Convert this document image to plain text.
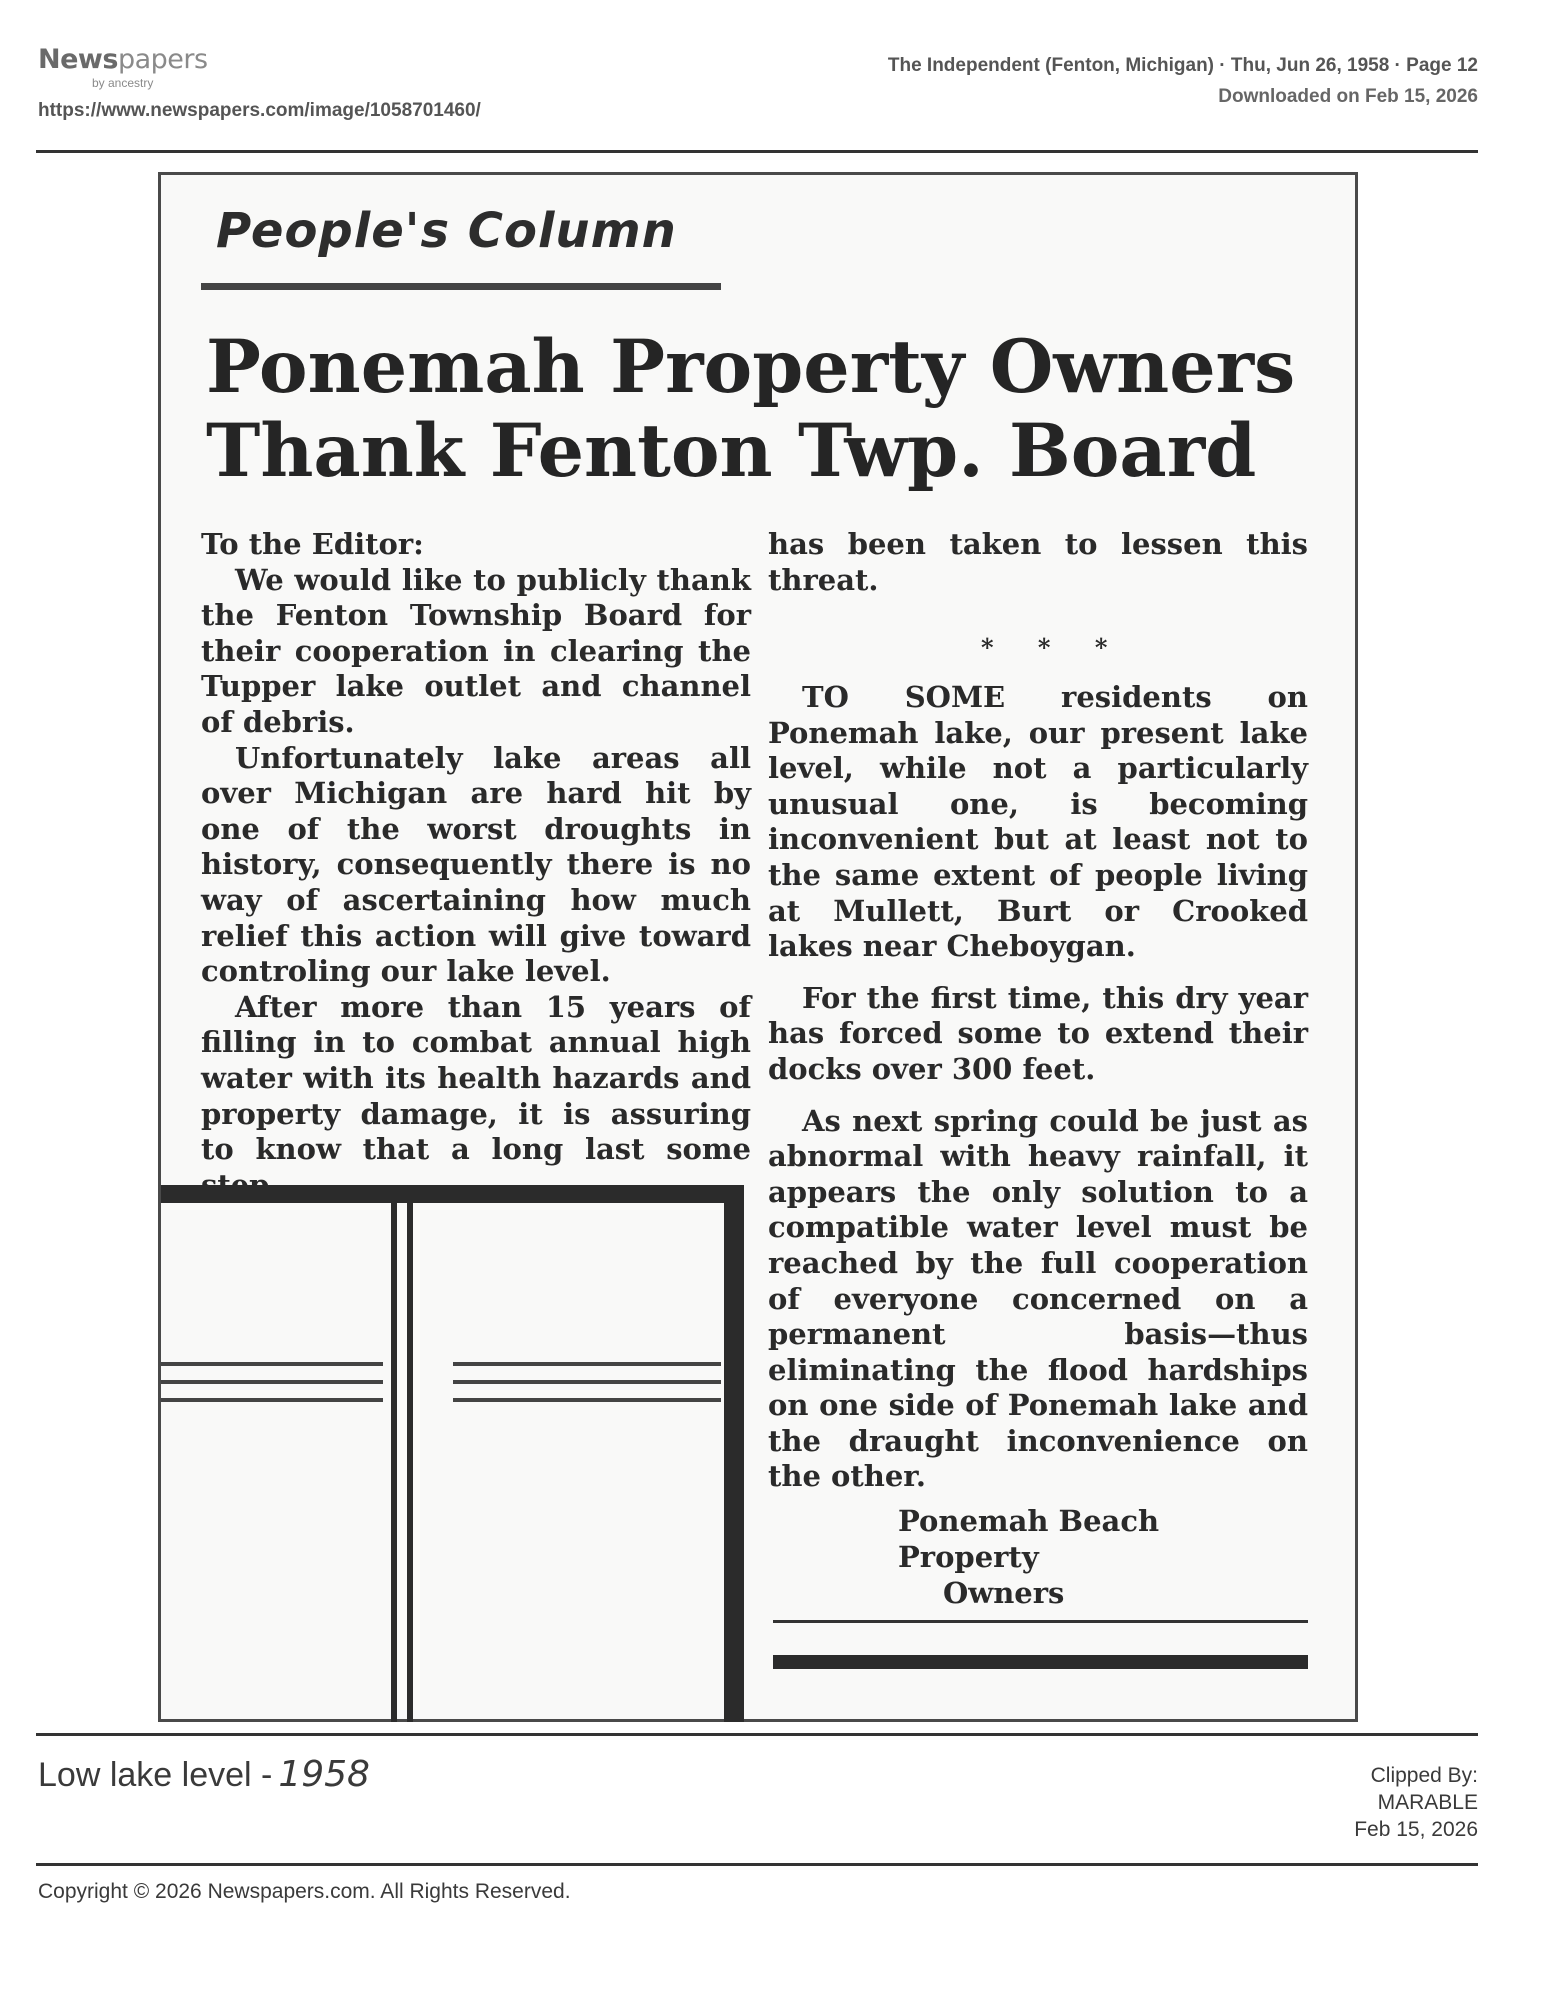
Newspapers
by ancestry
https://www.newspapers.com/image/1058701460/
The Independent (Fenton, Michigan) · Thu, Jun 26, 1958 · Page 12
Downloaded on Feb 15, 2026
People's Column
Ponemah Property Owners
Thank Fenton Twp. Board

To the Editor:

We would like to publicly thank the Fenton Township Board for their cooperation in clearing the Tupper lake outlet and channel of debris.

Unfortunately lake areas all over Michigan are hard hit by one of the worst droughts in history, consequently there is no way of ascertaining how much relief this action will give toward controling our lake level.

After more than 15 years of filling in to combat annual high water with its health hazards and property damage, it is assuring to know that a long last some

has been taken to lessen this threat.

* * *

TO SOME residents on Ponemah lake, our present lake level, while not a particularly unusual one, is becoming inconvenient but at least not to the same extent of people living at Mullett, Burt or Crooked lakes near Cheboygan.

For the first time, this dry year has forced some to extend their docks over 300 feet.

As next spring could be just as abnormal with heavy rainfall, it appears the only solution to a compatible water level must be reached by the full cooperation of everyone concerned on a permanent basis—thus eliminating the flood hardships on one side of Ponemah lake and the draught inconvenience on the other.

Ponemah Beach Property
Owners
Low lake level - 1958	Clipped By:
MARABLE
Feb 15, 2026
Copyright © 2026 Newspapers.com. All Rights Reserved.
